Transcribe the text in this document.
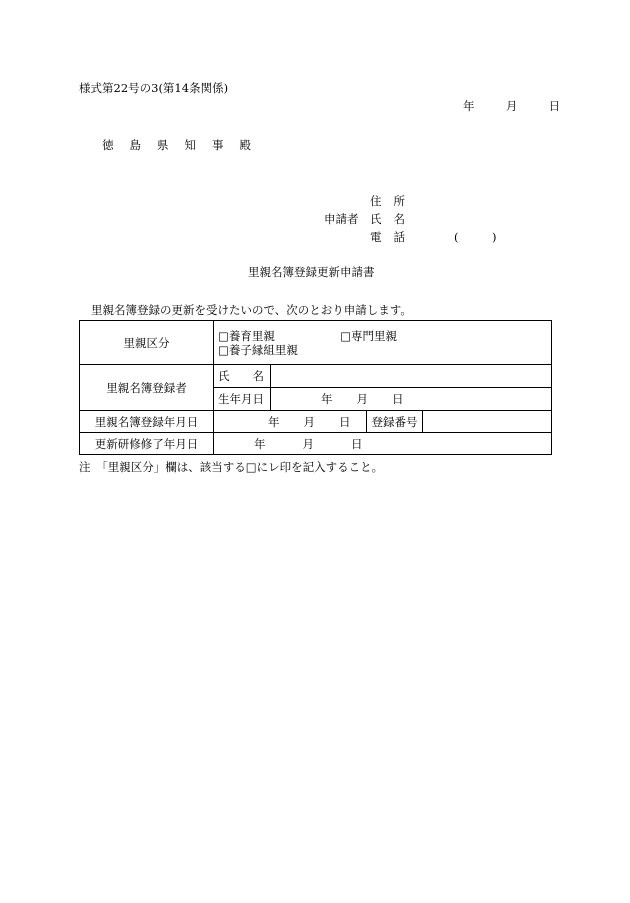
様式第22号の3(第14条関係)
年	月	日
徳 島 県 知 事 殿
住 所
申請者 氏 名
電 話	(	)
里親名簿登録更新申請書
里親名簿登録の更新を受けたいので、次のとおり申請します。
里親区分	□養育里親 □専門里親
□養子縁組里親			

里親名簿登録者	氏　　名			
	生年月日	年 月 日		
里親名簿登録年月日	年 月 日		登録番号	
更新研修修了年月日	年 月 日			
注　「里親区分」欄は、該当する□にレ印を記入すること。
